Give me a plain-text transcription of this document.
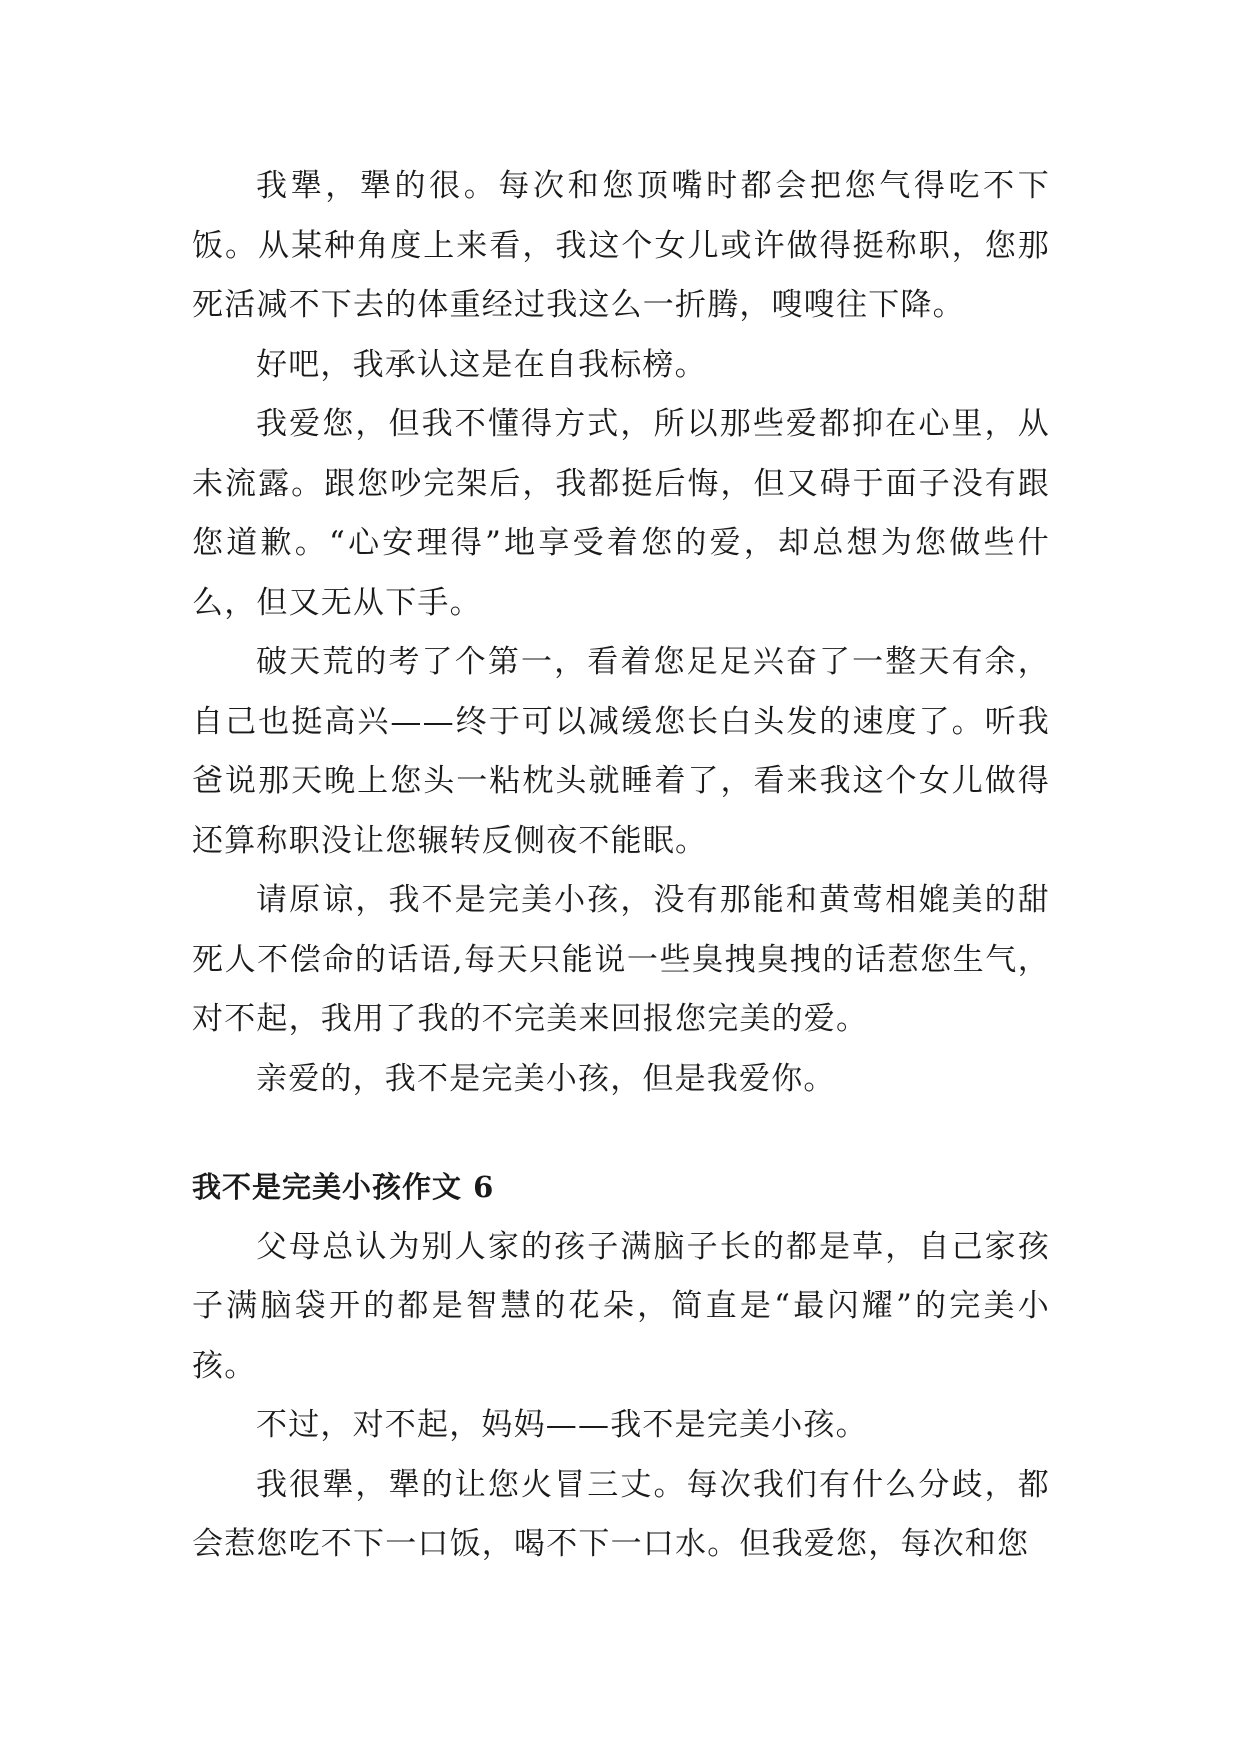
我犟，犟的很。每次和您顶嘴时都会把您气得吃不下饭。从某种角度上来看，我这个女儿或许做得挺称职，您那死活减不下去的体重经过我这么一折腾，嗖嗖往下降。

好吧，我承认这是在自我标榜。

我爱您，但我不懂得方式，所以那些爱都抑在心里，从未流露。跟您吵完架后，我都挺后悔，但又碍于面子没有跟您道歉。“心安理得”地享受着您的爱，却总想为您做些什么，但又无从下手。

破天荒的考了个第一，看着您足足兴奋了一整天有余，自己也挺高兴——终于可以减缓您长白头发的速度了。听我爸说那天晚上您头一粘枕头就睡着了，看来我这个女儿做得还算称职没让您辗转反侧夜不能眠。

请原谅，我不是完美小孩，没有那能和黄莺相媲美的甜死人不偿命的话语,每天只能说一些臭拽臭拽的话惹您生气，对不起，我用了我的不完美来回报您完美的爱。

亲爱的，我不是完美小孩，但是我爱你。

我不是完美小孩作文 6

父母总认为别人家的孩子满脑子长的都是草，自己家孩子满脑袋开的都是智慧的花朵，简直是“最闪耀”的完美小孩。

不过，对不起，妈妈——我不是完美小孩。

我很犟，犟的让您火冒三丈。每次我们有什么分歧，都会惹您吃不下一口饭，喝不下一口水。但我爱您，每次和您
